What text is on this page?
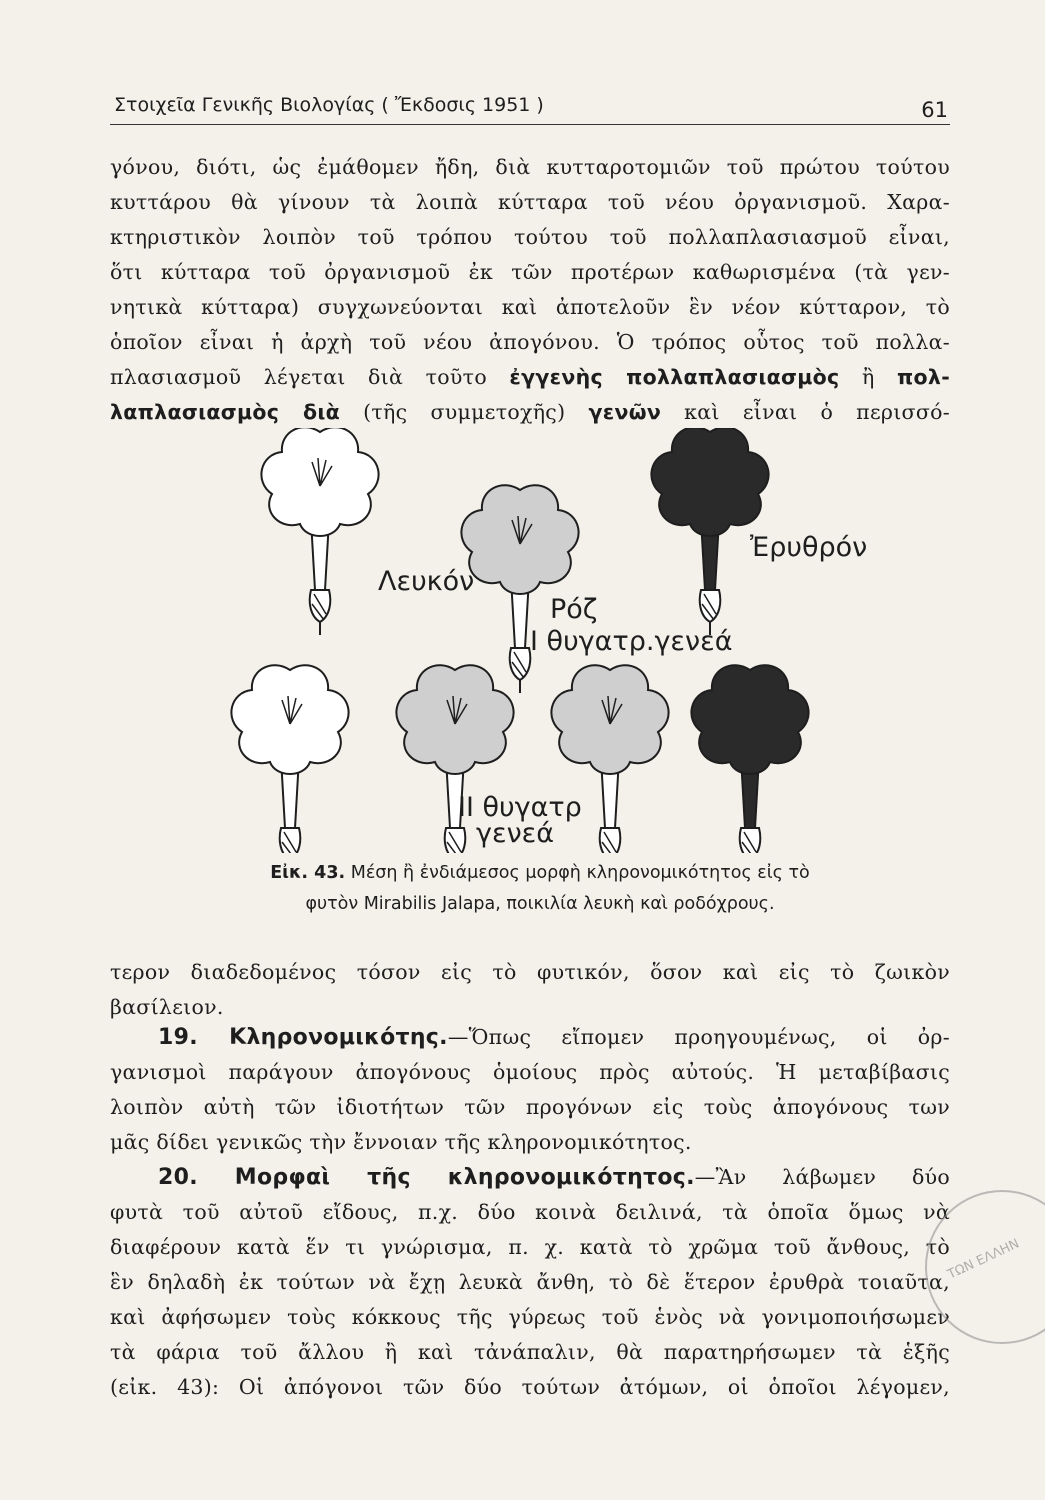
Στοιχεῖα Γενικῆς Βιολογίας ( Ἔκδοσις 1951 )	61

γόνου, διότι, ὡς ἐμάθομεν ἤδη, διὰ κυτταροτομιῶν τοῦ πρώτου τούτου

κυττάρου θὰ γίνουν τὰ λοιπὰ κύτταρα τοῦ νέου ὀργανισμοῦ. Χαρα-

κτηριστικὸν λοιπὸν τοῦ τρόπου τούτου τοῦ πολλαπλασιασμοῦ εἶναι,

ὅτι κύτταρα τοῦ ὀργανισμοῦ ἐκ τῶν προτέρων καθωρισμένα (τὰ γεν-

νητικὰ κύτταρα) συγχωνεύονται καὶ ἀποτελοῦν ἓν νέον κύτταρον, τὸ

ὁποῖον εἶναι ἡ ἀρχὴ τοῦ νέου ἀπογόνου. Ὁ τρόπος οὗτος τοῦ πολλα-

πλασιασμοῦ λέγεται διὰ τοῦτο ἐγγενὴς πολλαπλασιασμὸς ἢ πολ-

λαπλασιασμὸς διὰ (τῆς συμμετοχῆς) γενῶν καὶ εἶναι ὁ περισσό-

Λευκόν
Ρόζ
Ἐρυθρόν
I θυγατρ.γενεά
II θυγατρ
γενεά
Εἰκ. 43. Μέση ἢ ἐνδιάμεσος μορφὴ κληρονομικότητος εἰς τὸ
φυτὸν Mirabilis Jalapa, ποικιλία λευκὴ καὶ ροδόχρους.

τερον διαδεδομένος τόσον εἰς τὸ φυτικόν, ὅσον καὶ εἰς τὸ ζωικὸν

βασίλειον.

19. Κληρονομικότης.—Ὅπως εἴπομεν προηγουμένως, οἱ ὀρ-

γανισμοὶ παράγουν ἀπογόνους ὁμοίους πρὸς αὐτούς. Ἡ μεταβίβασις

λοιπὸν αὐτὴ τῶν ἰδιοτήτων τῶν προγόνων εἰς τοὺς ἀπογόνους των

μᾶς δίδει γενικῶς τὴν ἔννοιαν τῆς κληρονομικότητος.

20. Μορφαὶ τῆς κληρονομικότητος.—Ἂν λάβωμεν δύο

φυτὰ τοῦ αὐτοῦ εἴδους, π.χ. δύο κοινὰ δειλινά, τὰ ὁποῖα ὅμως νὰ

διαφέρουν κατὰ ἕν τι γνώρισμα, π. χ. κατὰ τὸ χρῶμα τοῦ ἄνθους, τὸ

ἓν δηλαδὴ ἐκ τούτων νὰ ἔχῃ λευκὰ ἄνθη, τὸ δὲ ἕτερον ἐρυθρὰ τοιαῦτα,

καὶ ἀφήσωμεν τοὺς κόκκους τῆς γύρεως τοῦ ἑνὸς νὰ γονιμοποιήσωμεν

τὰ φάρια τοῦ ἄλλου ἢ καὶ τἀνάπαλιν, θὰ παρατηρήσωμεν τὰ ἑξῆς

(εἰκ. 43): Οἱ ἀπόγονοι τῶν δύο τούτων ἀτόμων, οἱ ὁποῖοι λέγομεν,

ΤΩΝ ΕΛΛΗΝ
